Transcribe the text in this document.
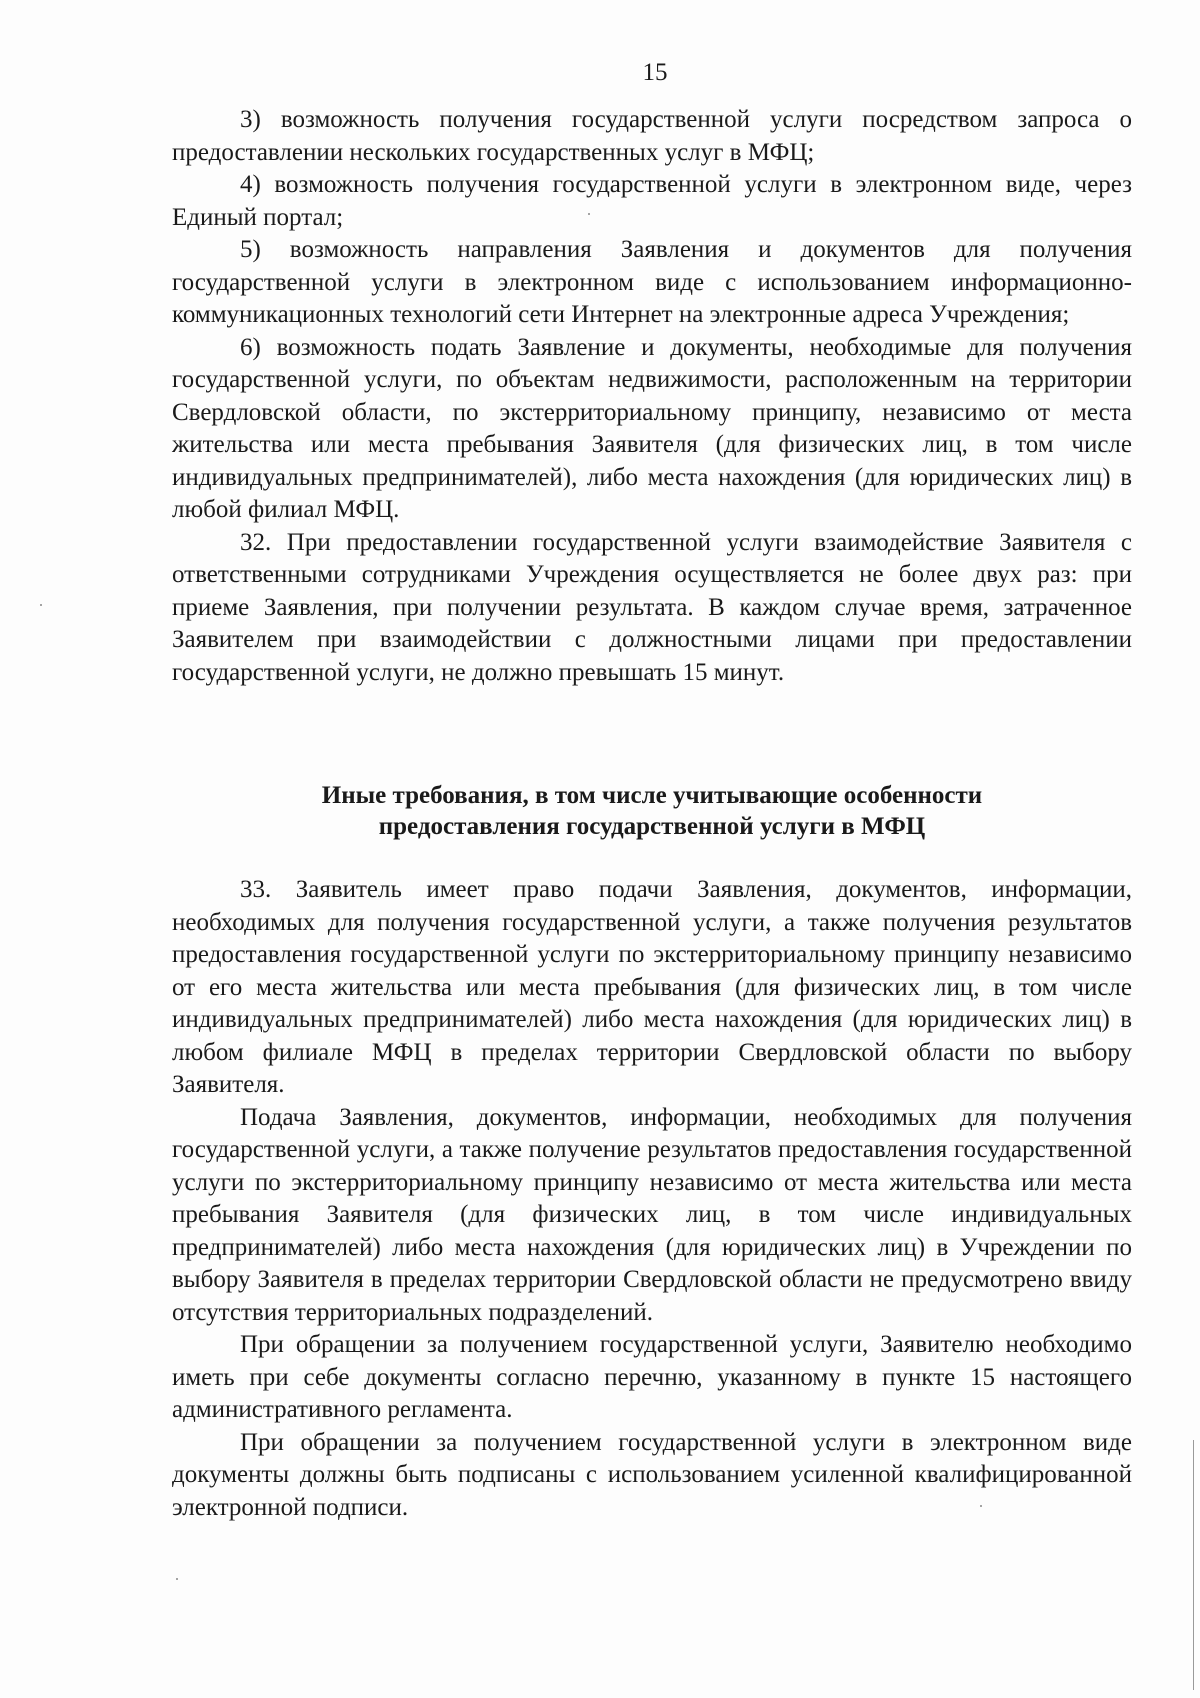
15

3) возможность получения государственной услуги посредством запроса о предоставлении нескольких государственных услуг в МФЦ;

4) возможность получения государственной услуги в электронном виде, через Единый портал;

5) возможность направления Заявления и документов для получения государственной услуги в электронном виде с использованием информационно-коммуникационных технологий сети Интернет на электронные адреса Учреждения;

6) возможность подать Заявление и документы, необходимые для получения государственной услуги, по объектам недвижимости, расположенным на территории Свердловской области, по экстерриториальному принципу, независимо от места жительства или места пребывания Заявителя (для физических лиц, в том числе индивидуальных предпринимателей), либо места нахождения (для юридических лиц) в любой филиал МФЦ.

32. При предоставлении государственной услуги взаимодействие Заявителя с ответственными сотрудниками Учреждения осуществляется не более двух раз: при приеме Заявления, при получении результата. В каждом случае время, затраченное Заявителем при взаимодействии с должностными лицами при предоставлении государственной услуги, не должно превышать 15 минут.

Иные требования, в том числе учитывающие особенности
предоставления государственной услуги в МФЦ

33. Заявитель имеет право подачи Заявления, документов, информации, необходимых для получения государственной услуги, а также получения результатов предоставления государственной услуги по экстерриториальному принципу независимо от его места жительства или места пребывания (для физических лиц, в том числе индивидуальных предпринимателей) либо места нахождения (для юридических лиц) в любом филиале МФЦ в пределах территории Свердловской области по выбору Заявителя.

Подача Заявления, документов, информации, необходимых для получения государственной услуги, а также получение результатов предоставления государственной услуги по экстерриториальному принципу независимо от места жительства или места пребывания Заявителя (для физических лиц, в том числе индивидуальных предпринимателей) либо места нахождения (для юридических лиц) в Учреждении по выбору Заявителя в пределах территории Свердловской области не предусмотрено ввиду отсутствия территориальных подразделений.

При обращении за получением государственной услуги, Заявителю необходимо иметь при себе документы согласно перечню, указанному в пункте 15 настоящего административного регламента.

При обращении за получением государственной услуги в электронном виде документы должны быть подписаны с использованием усиленной квалифицированной электронной подписи.
